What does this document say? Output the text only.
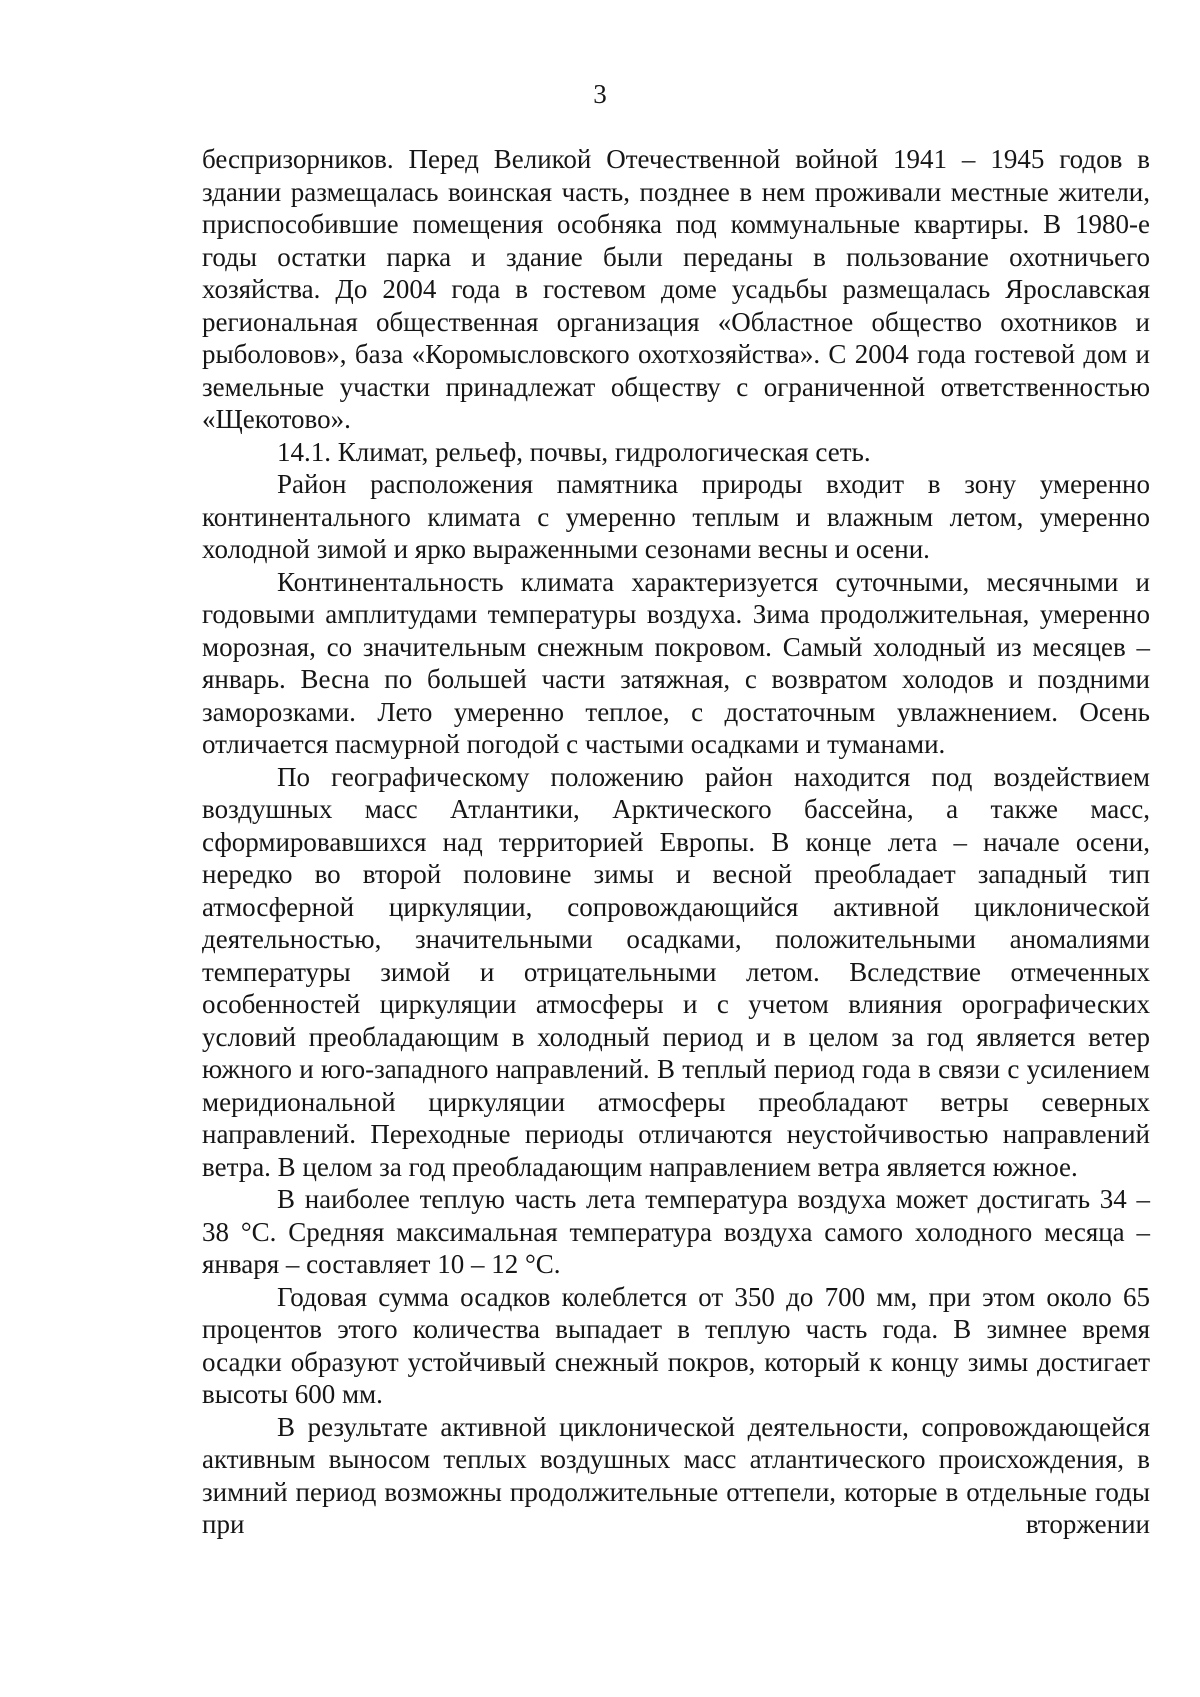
3

беспризорников. Перед Великой Отечественной войной 1941 – 1945 годов в здании размещалась воинская часть, позднее в нем проживали местные жители, приспособившие помещения особняка под коммунальные квартиры. В 1980-е годы остатки парка и здание были переданы в пользование охотничьего хозяйства. До 2004 года в гостевом доме усадьбы размещалась Ярославская региональная общественная организация «Областное общество охотников и рыболовов», база «Коромысловского охотхозяйства». С 2004 года гостевой дом и земельные участки принадлежат обществу с ограниченной ответственностью «Щекотово».

14.1. Климат, рельеф, почвы, гидрологическая сеть.

Район расположения памятника природы входит в зону умеренно континентального климата с умеренно теплым и влажным летом, умеренно холодной зимой и ярко выраженными сезонами весны и осени.

Континентальность климата характеризуется суточными, месячными и годовыми амплитудами температуры воздуха. Зима продолжительная, умеренно морозная, со значительным снежным покровом. Самый холодный из месяцев – январь. Весна по большей части затяжная, с возвратом холодов и поздними заморозками. Лето умеренно теплое, с достаточным увлажнением. Осень отличается пасмурной погодой с частыми осадками и туманами.

По географическому положению район находится под воздействием воздушных масс Атлантики, Арктического бассейна, а также масс, сформировавшихся над территорией Европы. В конце лета – начале осени, нередко во второй половине зимы и весной преобладает западный тип атмосферной циркуляции, сопровождающийся активной циклонической деятельностью, значительными осадками, положительными аномалиями температуры зимой и отрицательными летом. Вследствие отмеченных особенностей циркуляции атмосферы и с учетом влияния орографических условий преобладающим в холодный период и в целом за год является ветер южного и юго-западного направлений. В теплый период года в связи с усилением меридиональной циркуляции атмосферы преобладают ветры северных направлений. Переходные периоды отличаются неустойчивостью направлений ветра. В целом за год преобладающим направлением ветра является южное.

В наиболее теплую часть лета температура воздуха может достигать 34 – 38 °C. Средняя максимальная температура воздуха самого холодного месяца – января – составляет 10 – 12 °C.

Годовая сумма осадков колеблется от 350 до 700 мм, при этом около 65 процентов этого количества выпадает в теплую часть года. В зимнее время осадки образуют устойчивый снежный покров, который к концу зимы достигает высоты 600 мм.

В результате активной циклонической деятельности, сопровождающейся активным выносом теплых воздушных масс атлантического происхождения, в зимний период возможны продолжительные оттепели, которые в отдельные годы при вторжении
